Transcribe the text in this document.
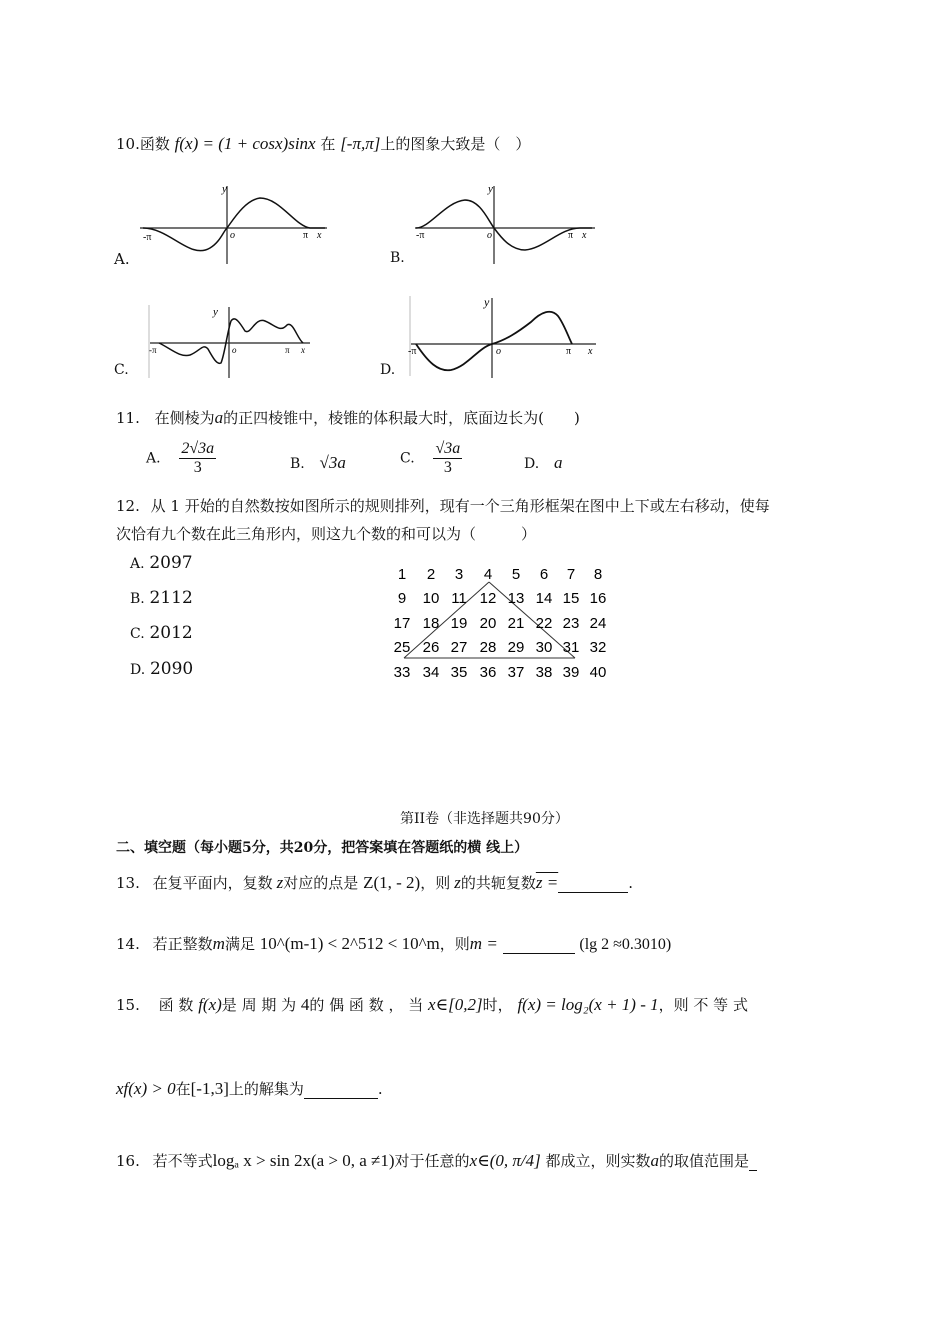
10.函数 f(x) = (1 + cosx)sinx 在 [-π,π]上的图象大致是（　）
A.
y
-π	o	π x
B.
y
-π	o	π x
C.
y
-π	o	π x
D.
y
-π	o	π x
11. 在侧棱为a的正四棱锥中，棱锥的体积最大时，底面边长为(　　)
A. $\frac{2√3a}{3}$	B. √3a	C. $\frac{√3a}{3}$	D. a
12. 从 1 开始的自然数按如图所示的规则排列，现有一个三角形框架在图中上下或左右移动，使每
次恰有九个数在此三角形内，则这九个数的和可以为（　　　）
A. 2097
B. 2112
C. 2012
D. 2090
1 2 3 4 5 6 7 8
9 10 11 12 13 14 15 16
17 18 19 20 21 22 23 24
25 26 27 28 29 30 31 32
33 34 35 36 37 38 39 40
第II卷（非选择题共90分）
二、填空题（每小题5分，共20分，把答案填在答题纸的横 线上）
13. 在复平面内，复数 z对应的点是 Z(1, - 2)，则 z的共轭复数z =	.
14. 若正整数m满足 10^(m-1) < 2^512 < 10^m，则m =	(lg 2 ≈0.3010)
15. 函 数 f(x)是 周 期 为 4的 偶 函 数 ， 当 x∈[0,2]时， f(x) = log₂(x + 1) - 1，则 不 等 式
xf(x) > 0在[-1,3]上的解集为	.
16. 若不等式logₐ x > sin 2x(a > 0, a ≠1)对于任意的x∈(0, π/4] 都成立，则实数a的取值范围是
